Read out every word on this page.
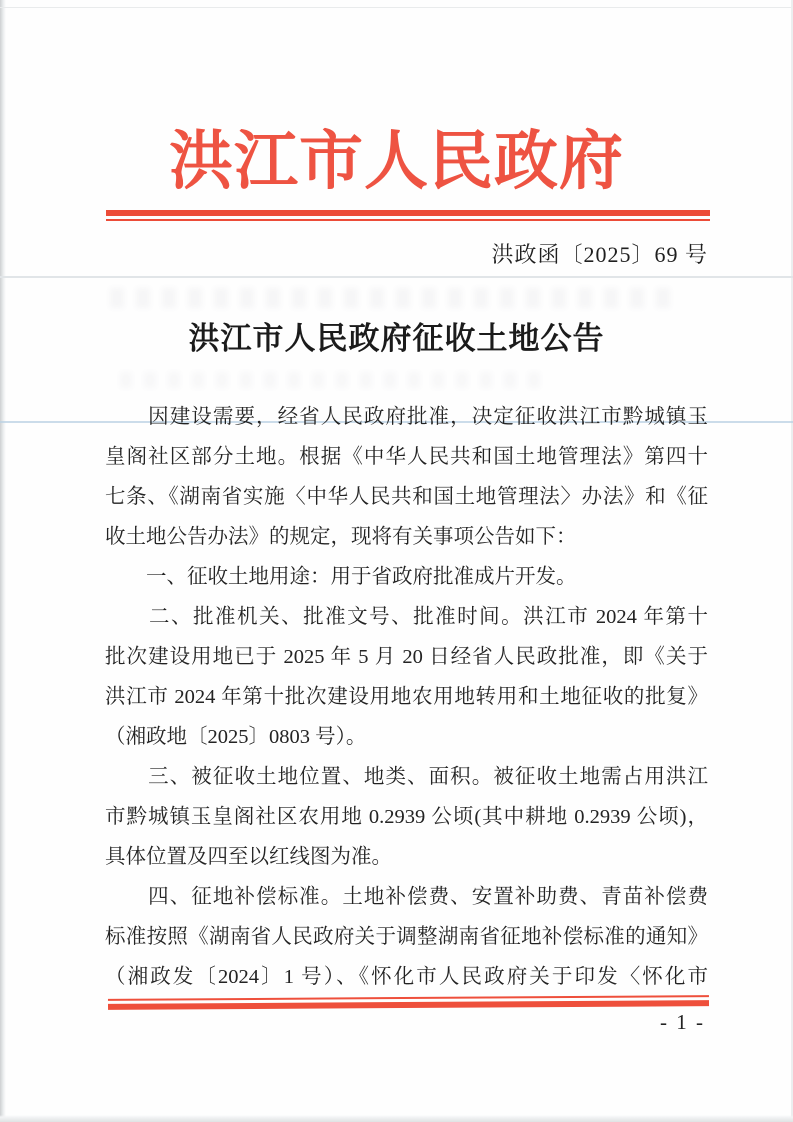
洪江市人民政府
洪政函〔2025〕69 号
洪江市人民政府征收土地公告
　　因建设需要，经省人民政府批准，决定征收洪江市黔城镇玉
皇阁社区部分土地。根据《中华人民共和国土地管理法》第四十
七条、《湖南省实施〈中华人民共和国土地管理法〉办法》和《征
收土地公告办法》的规定，现将有关事项公告如下：
　　一、征收土地用途：用于省政府批准成片开发。
　　二、批准机关、批准文号、批准时间。洪江市 2024 年第十
批次建设用地已于 2025 年 5 月 20 日经省人民政批准，即《关于
洪江市 2024 年第十批次建设用地农用地转用和土地征收的批复》
（湘政地〔2025〕0803 号）。
　　三、被征收土地位置、地类、面积。被征收土地需占用洪江
市黔城镇玉皇阁社区农用地 0.2939 公顷(其中耕地 0.2939 公顷)，
具体位置及四至以红线图为准。
　　四、征地补偿标准。土地补偿费、安置补助费、青苗补偿费
标准按照《湖南省人民政府关于调整湖南省征地补偿标准的通知》
（湘政发〔2024〕1 号）、《怀化市人民政府关于印发〈怀化市
- 1 -
